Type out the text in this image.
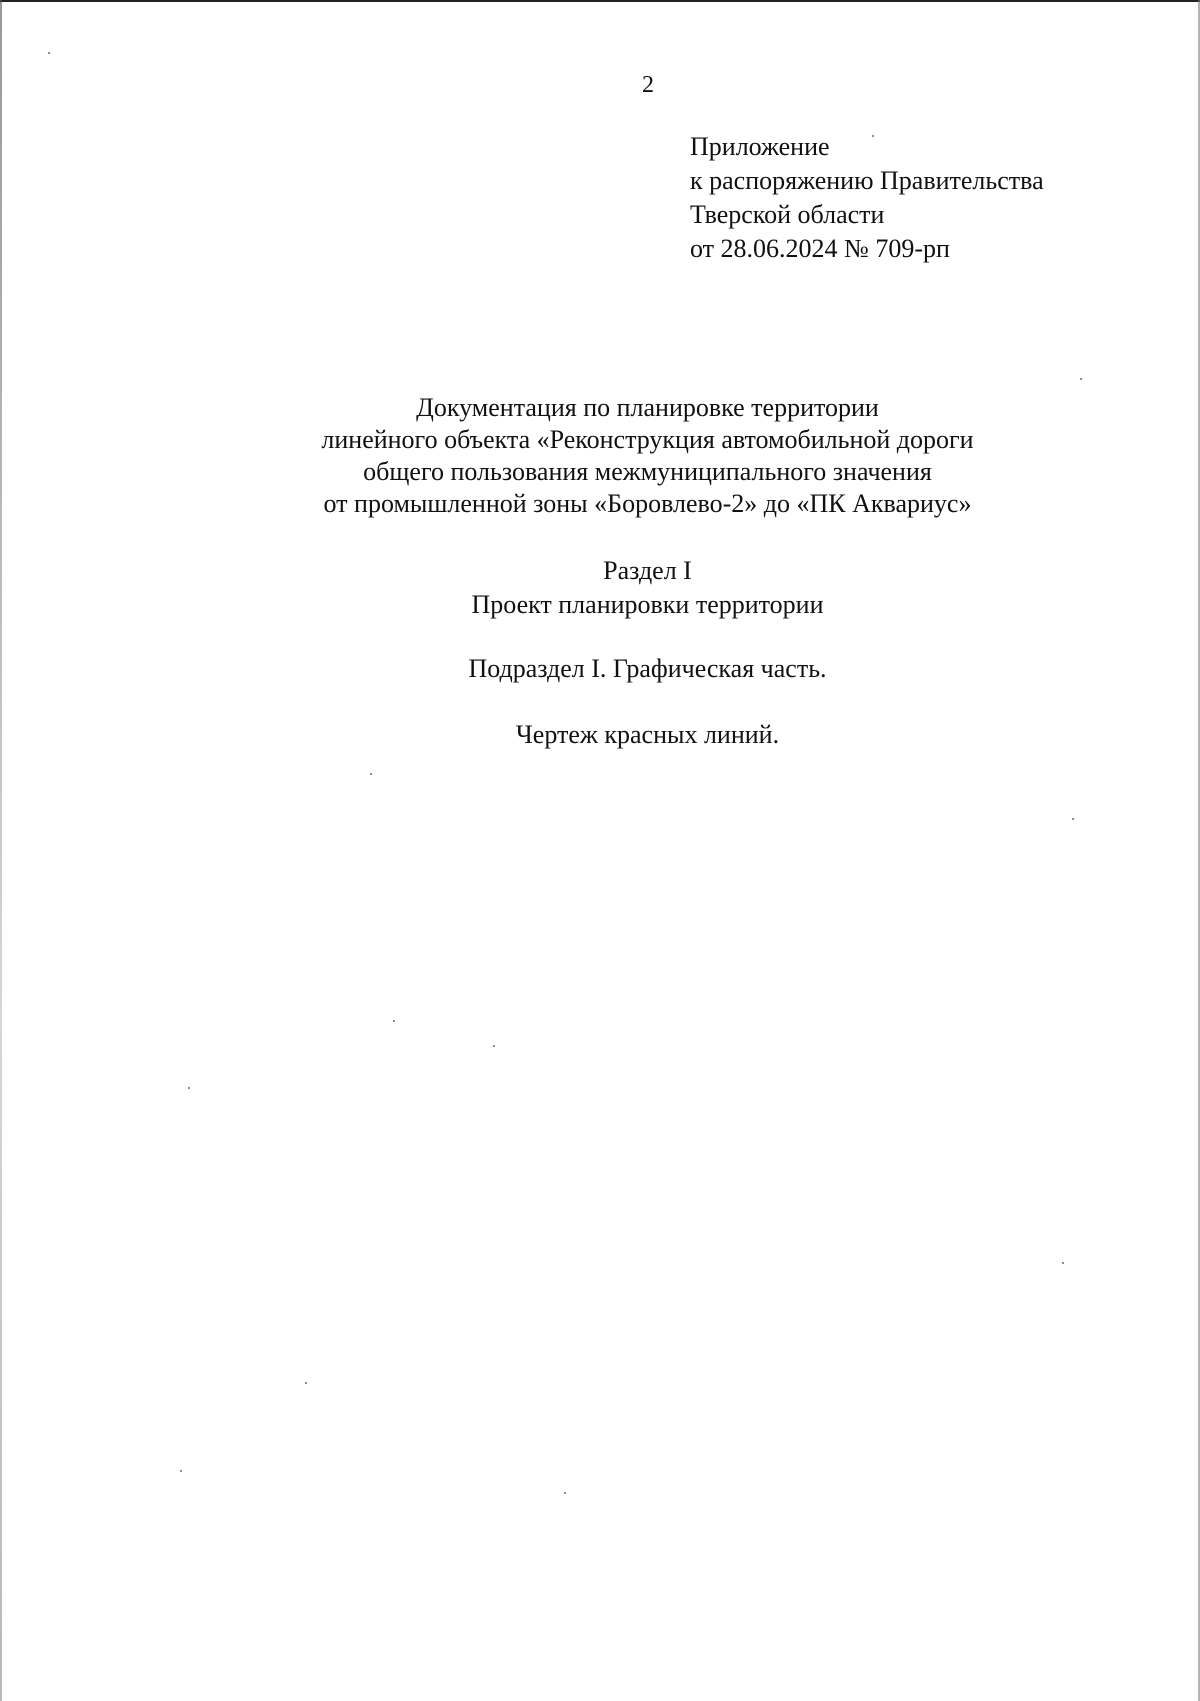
2
Приложение
к распоряжению Правительства
Тверской области
от 28.06.2024 № 709-рп
Документация по планировке территории
линейного объекта «Реконструкция автомобильной дороги
общего пользования межмуниципального значения
от промышленной зоны «Боровлево-2» до «ПК Аквариус»
Раздел I
Проект планировки территории
Подраздел I. Графическая часть.
Чертеж красных линий.
